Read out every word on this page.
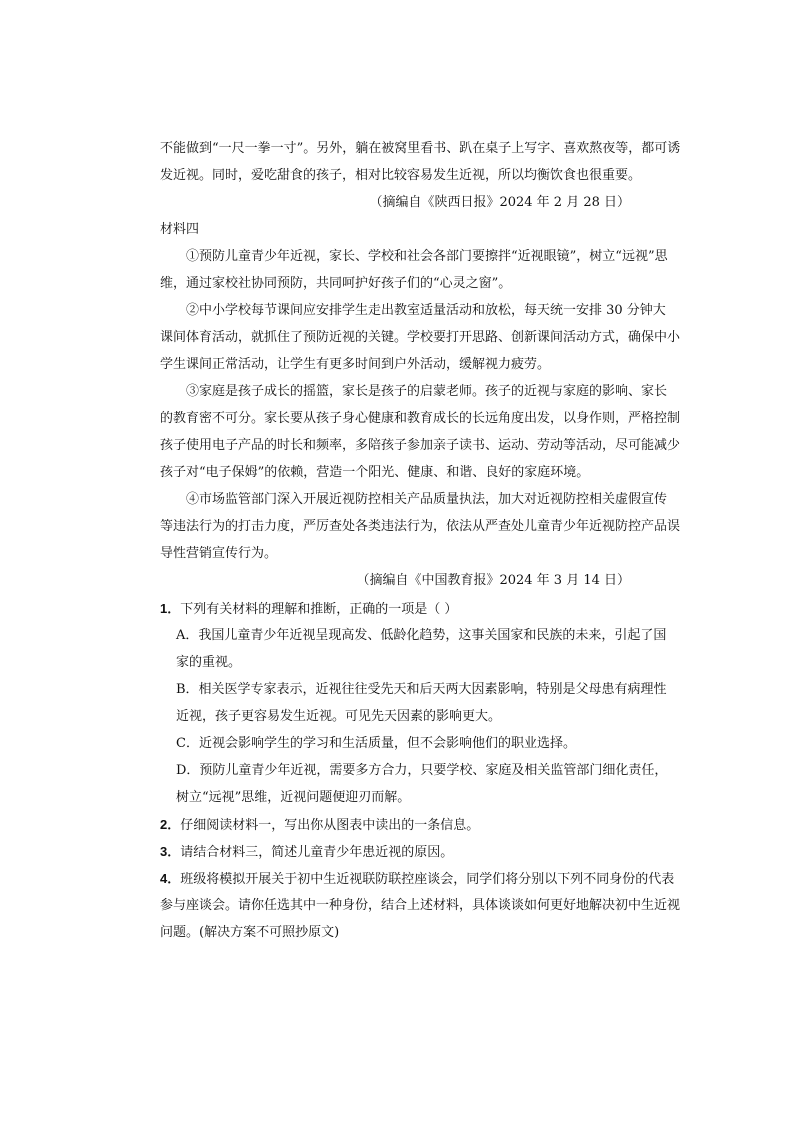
不能做到“一尺一拳一寸”。另外，躺在被窝里看书、趴在桌子上写字、喜欢熬夜等，都可诱
发近视。同时，爱吃甜食的孩子，相对比较容易发生近视，所以均衡饮食也很重要。
（摘编自《陕西日报》2024 年 2 月 28 日）
材料四
①预防儿童青少年近视，家长、学校和社会各部门要擦拌“近视眼镜”，树立“远视”思
维，通过家校社协同预防，共同呵护好孩子们的“心灵之窗”。
②中小学校每节课间应安排学生走出教室适量活动和放松，每天统一安排 30 分钟大
课间体育活动，就抓住了预防近视的关键。学校要打开思路、创新课间活动方式，确保中小
学生课间正常活动，让学生有更多时间到户外活动，缓解视力疲劳。
③家庭是孩子成长的摇篮，家长是孩子的启蒙老师。孩子的近视与家庭的影响、家长
的教育密不可分。家长要从孩子身心健康和教育成长的长远角度出发，以身作则，严格控制
孩子使用电子产品的时长和频率，多陪孩子参加亲子读书、运动、劳动等活动，尽可能减少
孩子对“电子保姆”的依赖，营造一个阳光、健康、和谐、良好的家庭环境。
④市场监管部门深入开展近视防控相关产品质量执法，加大对近视防控相关虚假宣传
等违法行为的打击力度，严厉查处各类违法行为，依法从严查处儿童青少年近视防控产品误
导性营销宣传行为。
（摘编自《中国教育报》2024 年 3 月 14 日）
1．下列有关材料的理解和推断，正确的一项是（ ）
A．我国儿童青少年近视呈现高发、低龄化趋势，这事关国家和民族的未来，引起了国
家的重视。
B．相关医学专家表示，近视往往受先天和后天两大因素影响，特别是父母患有病理性
近视，孩子更容易发生近视。可见先天因素的影响更大。
C．近视会影响学生的学习和生活质量，但不会影响他们的职业选择。
D．预防儿童青少年近视，需要多方合力，只要学校、家庭及相关监管部门细化责任，
树立“远视”思维，近视问题便迎刃而解。
2．仔细阅读材料一，写出你从图表中读出的一条信息。
3．请结合材料三，简述儿童青少年患近视的原因。
4．班级将模拟开展关于初中生近视联防联控座谈会，同学们将分别以下列不同身份的代表
参与座谈会。请你任选其中一种身份，结合上述材料，具体谈谈如何更好地解决初中生近视
问题。(解决方案不可照抄原文)
